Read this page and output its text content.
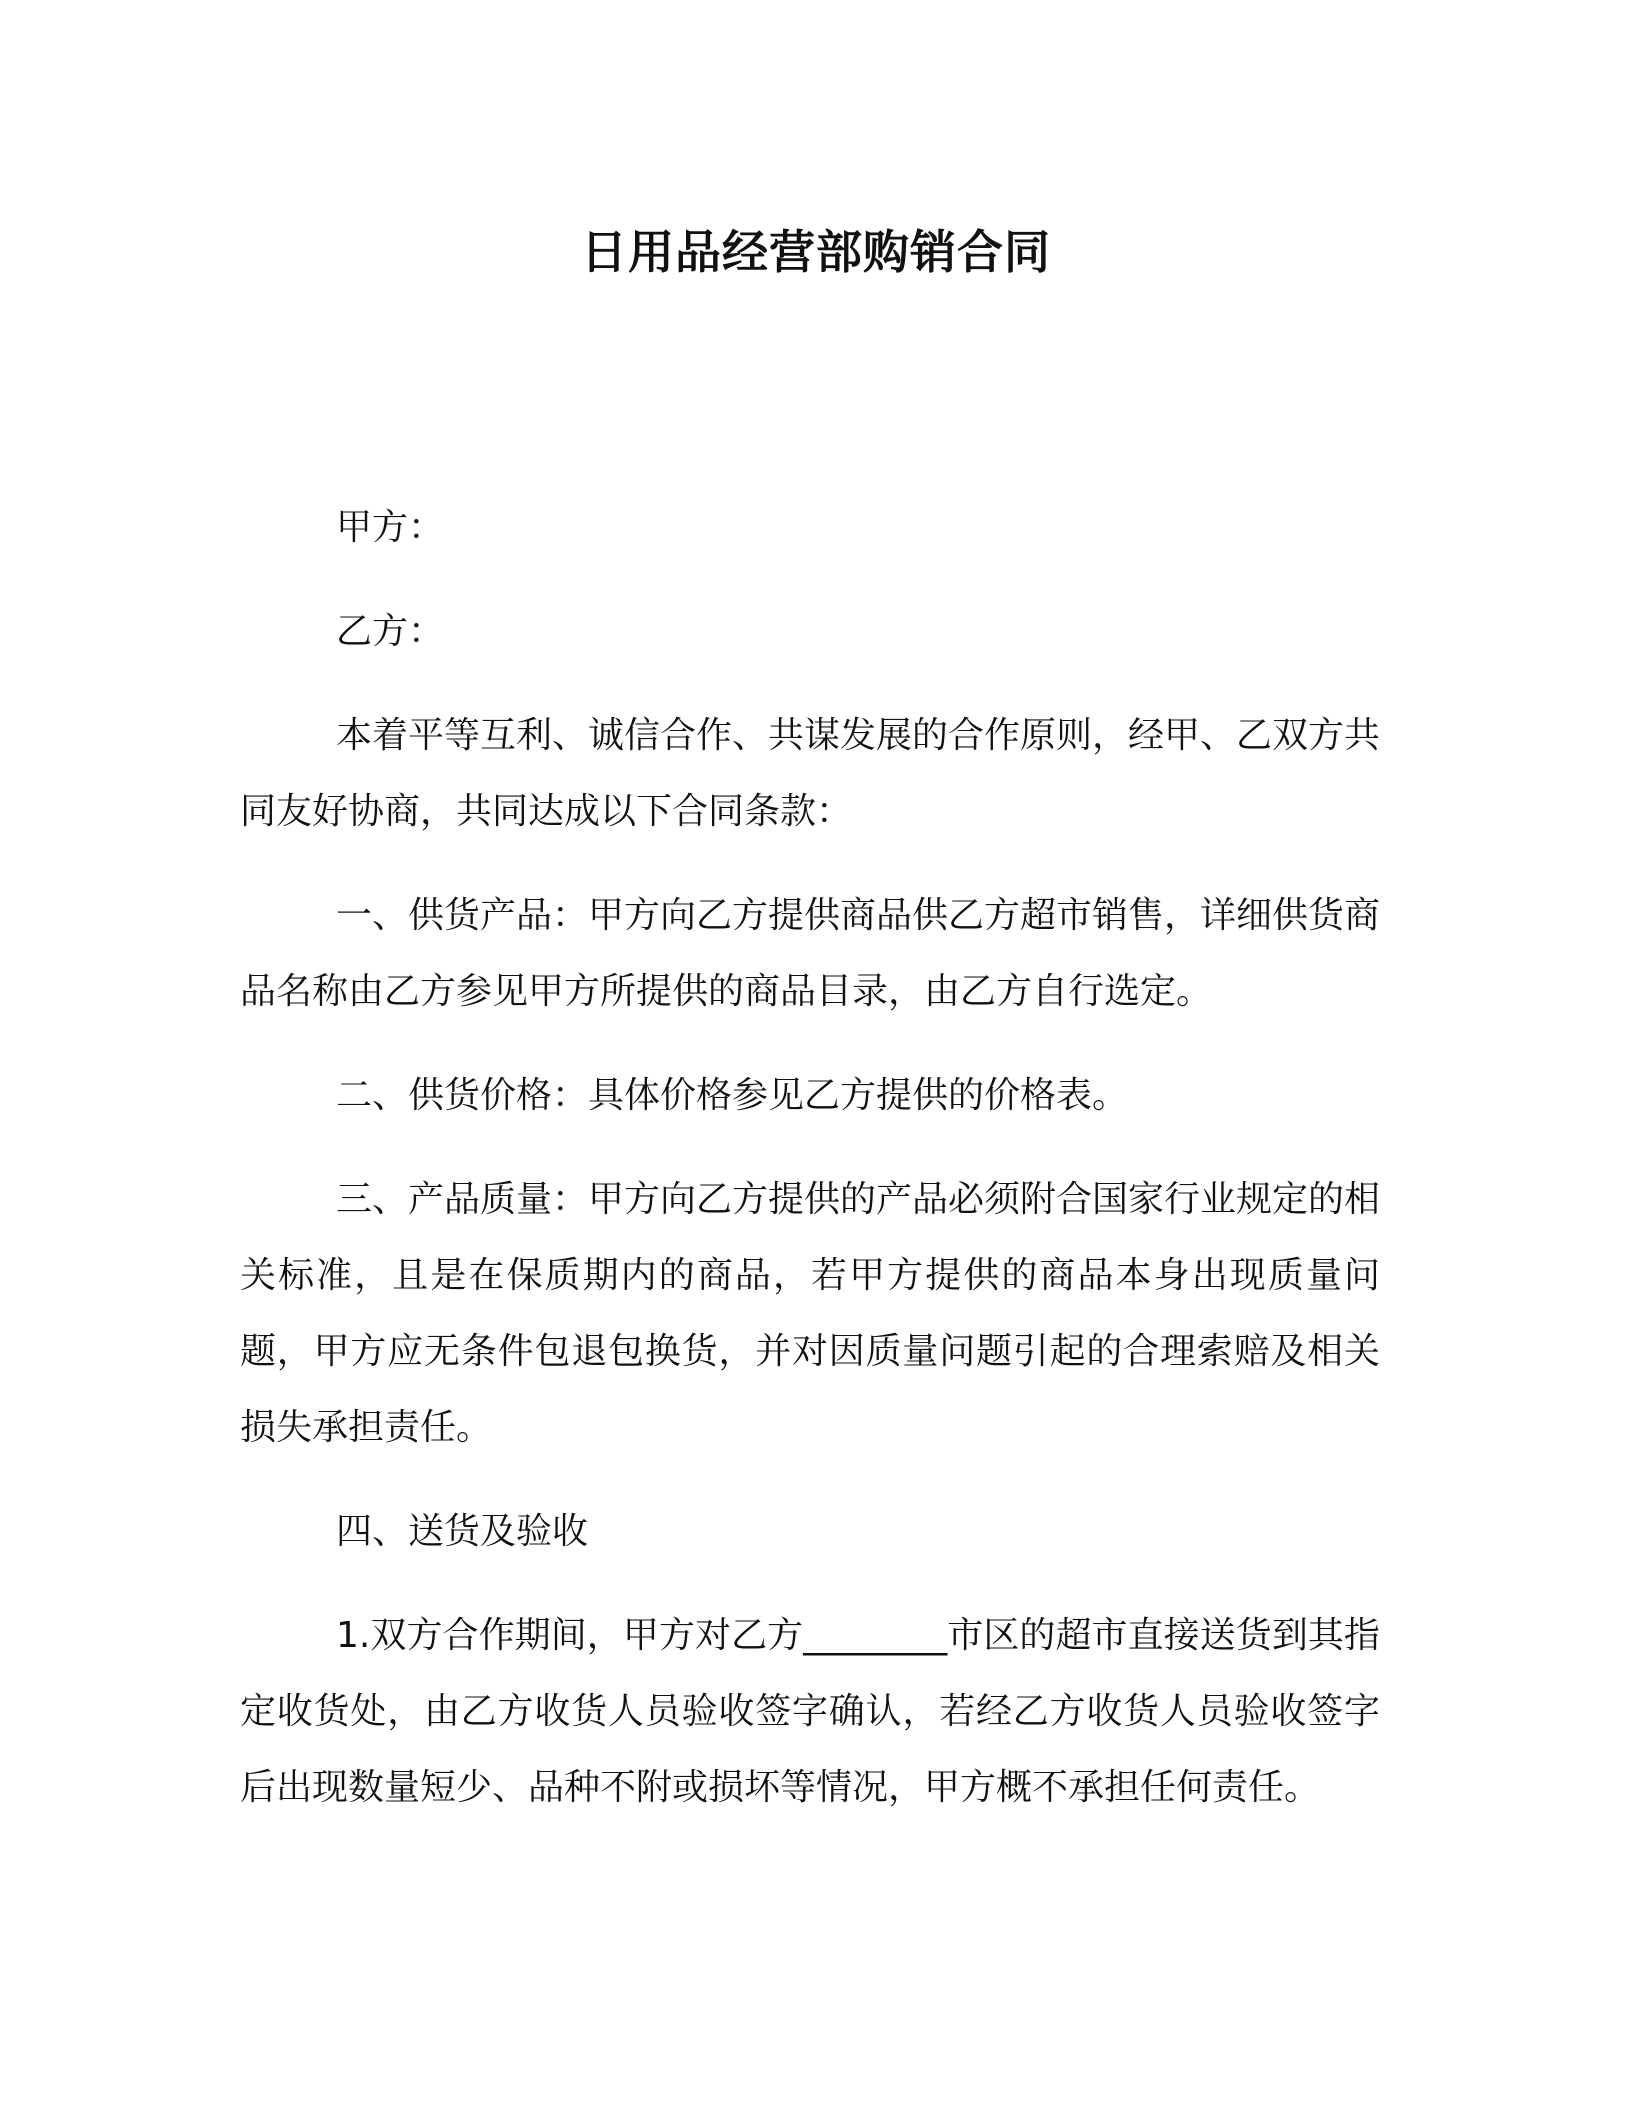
日用品经营部购销合同

甲方：

乙方：

本着平等互利、诚信合作、共谋发展的合作原则，经甲、乙双方共同友好协商，共同达成以下合同条款：

一、供货产品：甲方向乙方提供商品供乙方超市销售，详细供货商品名称由乙方参见甲方所提供的商品目录，由乙方自行选定。

二、供货价格：具体价格参见乙方提供的价格表。

三、产品质量：甲方向乙方提供的产品必须附合国家行业规定的相关标准，且是在保质期内的商品，若甲方提供的商品本身出现质量问题，甲方应无条件包退包换货，并对因质量问题引起的合理索赔及相关损失承担责任。

四、送货及验收

1.双方合作期间，甲方对乙方________市区的超市直接送货到其指定收货处，由乙方收货人员验收签字确认，若经乙方收货人员验收签字后出现数量短少、品种不附或损坏等情况，甲方概不承担任何责任。
